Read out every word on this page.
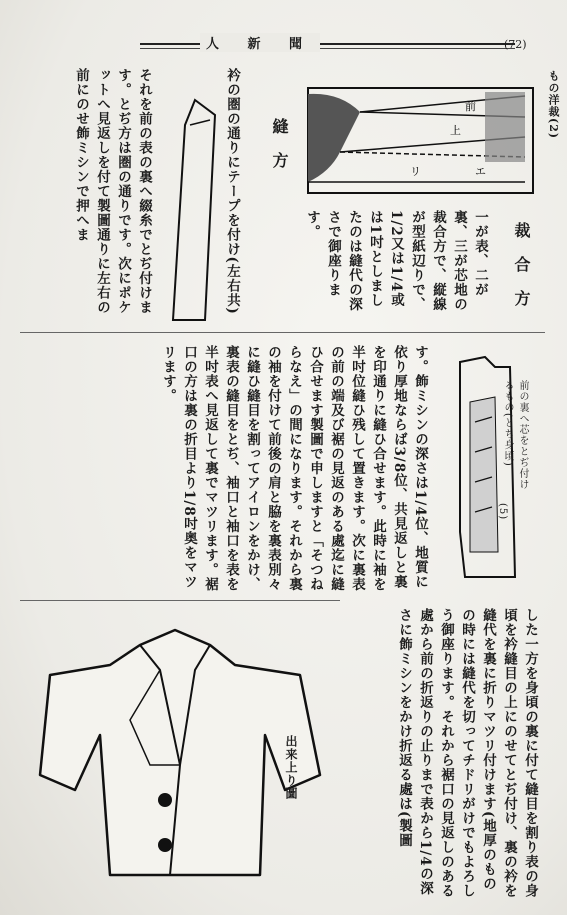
人 新 聞	(72)
もの洋裁(2)
前
上
リ	エ
裁合方
一が表、二が裏、三が芯地の裁合方で、縦線が型紙辺りで、1/2又は1/4或は1吋としましたのは縫代の深さで御座ります。
縫方
衿の圏の通りにテープを付け(左右共)
それを前の表の裏へ綴糸でとぢ付けます。とぢ方は圏の通りです。次にポケットへ見返しを付て製圖通りに左右の前にのせ飾ミシンで押へま
す。飾ミシンの深さは1/4位、地質に依り厚地ならば3/8位、共見返しと裏を印通りに縫ひ合せます。此時に袖を半吋位縫ひ残して置きます。次に裏表の前の端及び裾の見返のある處迄に縫ひ合せます製圖で申しますと「そつねらなえ」の間になります。それから裏の袖を付けて前後の肩と脇を裏表別々に縫ひ縫目を割ってアイロンをかけ、裏表の縫目をとぢ、袖口と袖口を表を半吋表へ見返して裏でマツリます。裾口の方は裏の折目より1/8吋奥をマツリます。
前の裏へ芯をとぢ付けるもの(とち身頃)
(5)
した一方を身頃の裏に付て縫目を割り表の身頃を衿縫目の上にのせてとぢ付け、裏の衿を縫代を裏に折りマツリ付けます(地厚のものの時には縫代を切ってチドリがけでもよろしう御座ります。それから裾口の見返しのある處から前の折返りの止りまで表から1/4の深さに飾ミシンをかけ折返る處は(製圖
出来上り圖
